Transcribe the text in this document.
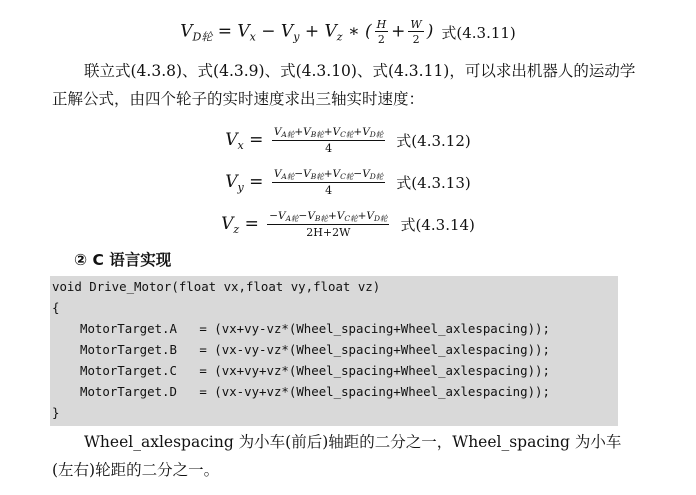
$V_{D轮} = V_x - V_y + V_z$ ∗ ( $\frac{H}{2} + \frac{W}{2}$ ) 式(4.3.11)

联立式(4.3.8)、式(4.3.9)、式(4.3.10)、式(4.3.11)，可以求出机器人的运动学正解公式，由四个轮子的实时速度求出三轴实时速度：

$V_x = \frac{\text{VA轮+VB轮+VC轮+VD轮}}{4}$ 式(4.3.12)
$V_y = \frac{\text{VA轮−VB轮+VC轮−VD轮}}{4}$ 式(4.3.13)
$V_z = \frac{\text{−VA轮−VB轮+VC轮+VD轮}}{2H+2W}$ 式(4.3.14)
② C 语言实现
void Drive_Motor(float vx,float vy,float vz)
{
MotorTarget.A   = (vx+vy-vz*(Wheel_spacing+Wheel_axlespacing));
MotorTarget.B   = (vx-vy-vz*(Wheel_spacing+Wheel_axlespacing));
MotorTarget.C   = (vx+vy+vz*(Wheel_spacing+Wheel_axlespacing));
MotorTarget.D   = (vx-vy+vz*(Wheel_spacing+Wheel_axlespacing));
}

Wheel_axlespacing 为小车(前后)轴距的二分之一，Wheel_spacing 为小车(左右)轮距的二分之一。
